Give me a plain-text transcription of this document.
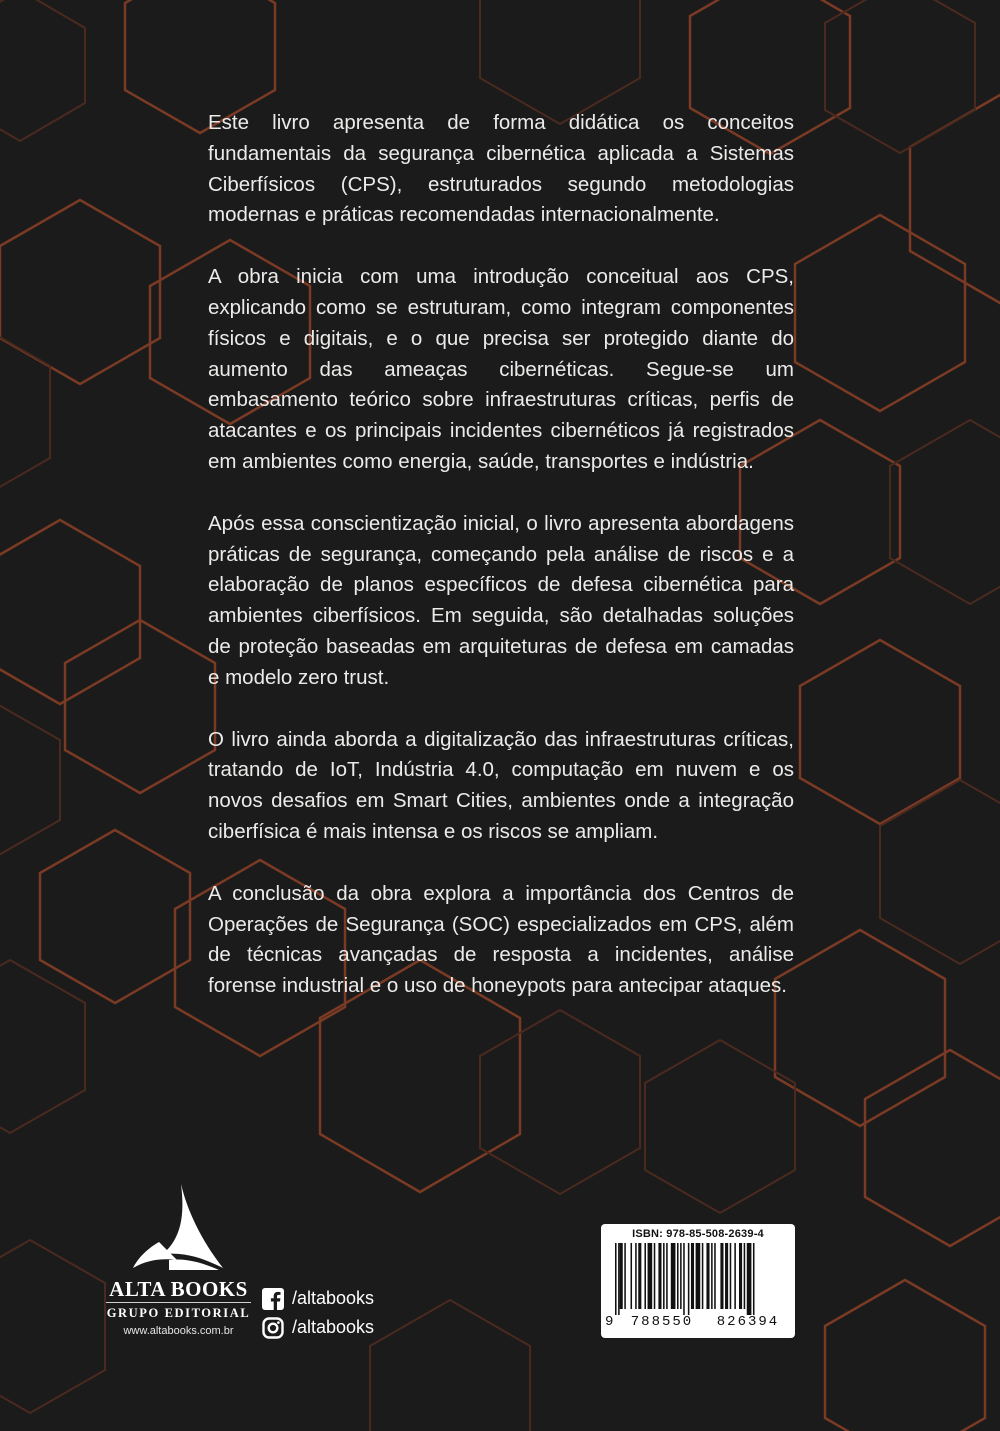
Este livro apresenta de forma didática os conceitos fundamentais da segurança cibernética aplicada a Sistemas Ciberfísicos (CPS), estruturados segundo metodologias modernas e práticas recomendadas internacionalmente.

A obra inicia com uma introdução conceitual aos CPS, explicando como se estruturam, como integram componentes físicos e digitais, e o que precisa ser protegido diante do aumento das ameaças cibernéticas. Segue-se um embasamento teórico sobre infraestruturas críticas, perfis de atacantes e os principais incidentes cibernéticos já registrados em ambientes como energia, saúde, transportes e indústria.

Após essa conscientização inicial, o livro apresenta abordagens práticas de segurança, começando pela análise de riscos e a elaboração de planos específicos de defesa cibernética para ambientes ciberfísicos. Em seguida, são detalhadas soluções de proteção baseadas em arquiteturas de defesa em camadas e modelo zero trust.

O livro ainda aborda a digitalização das infraestruturas críticas, tratando de IoT, Indústria 4.0, computação em nuvem e os novos desafios em Smart Cities, ambientes onde a integração ciberfísica é mais intensa e os riscos se ampliam.

A conclusão da obra explora a importância dos Centros de Operações de Segurança (SOC) especializados em CPS, além de técnicas avançadas de resposta a incidentes, análise forense industrial e o uso de honeypots para antecipar ataques.

ALTA BOOKS
GRUPO EDITORIAL
www.altabooks.com.br
/altabooks
/altabooks
ISBN: 978-85-508-2639-4
9	788550	826394
